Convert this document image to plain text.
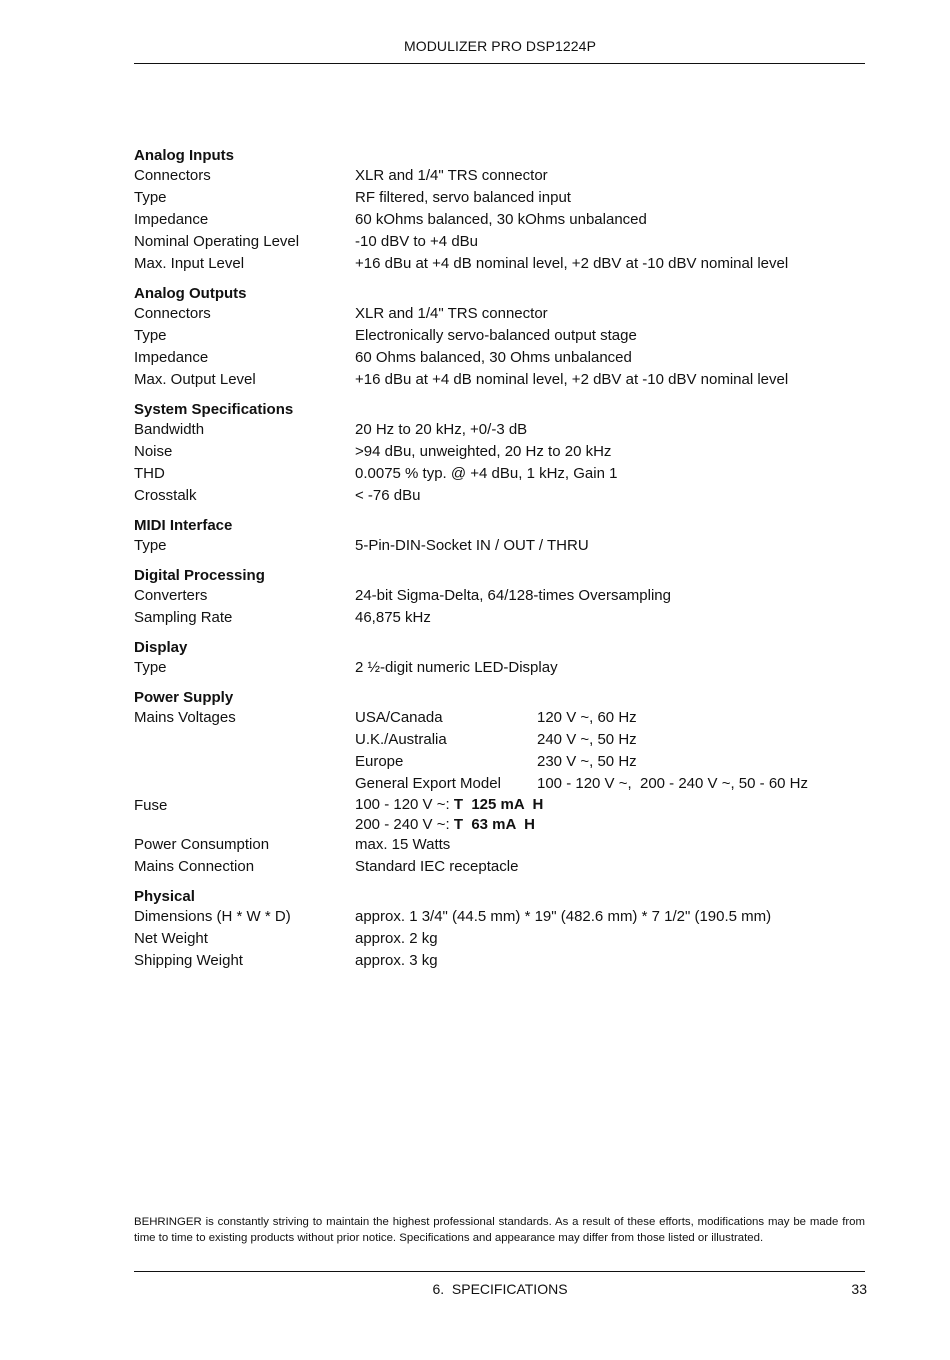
MODULIZER PRO DSP1224P
Analog Inputs
Connectors	XLR and 1/4" TRS connector
Type	RF filtered, servo balanced input
Impedance	60 kOhms balanced, 30 kOhms unbalanced
Nominal Operating Level	-10 dBV to +4 dBu
Max. Input Level	+16 dBu at +4 dB nominal level, +2 dBV at -10 dBV nominal level
Analog Outputs
Connectors	XLR and 1/4" TRS connector
Type	Electronically servo-balanced output stage
Impedance	60 Ohms balanced, 30 Ohms unbalanced
Max. Output Level	+16 dBu at +4 dB nominal level, +2 dBV at -10 dBV nominal level
System Specifications
Bandwidth	20 Hz to 20 kHz, +0/-3 dB
Noise	>94 dBu, unweighted, 20 Hz to 20 kHz
THD	0.0075 % typ. @ +4 dBu, 1 kHz, Gain 1
Crosstalk	< -76 dBu
MIDI Interface
Type	5-Pin-DIN-Socket IN / OUT / THRU
Digital Processing
Converters	24-bit Sigma-Delta, 64/128-times Oversampling
Sampling Rate	46,875 kHz
Display
Type	2 ½-digit numeric LED-Display
Power Supply
Mains Voltages	USA/Canada	120 V ~, 60 Hz
U.K./Australia	240 V ~, 50 Hz
Europe	230 V ~, 50 Hz
General Export Model	100 - 120 V ~,  200 - 240 V ~, 50 - 60 Hz
Fuse	100 - 120 V ~: T  125 mA  H
200 - 240 V ~: T  63 mA  H
Power Consumption	max. 15 Watts
Mains Connection	Standard IEC receptacle
Physical
Dimensions (H * W * D)	approx. 1 3/4" (44.5 mm) * 19" (482.6 mm) * 7 1/2" (190.5 mm)
Net Weight	approx. 2 kg
Shipping Weight	approx. 3 kg
BEHRINGER is constantly striving to maintain the highest professional standards. As a result of these efforts, modifications may be made from time to time to existing products without prior notice. Specifications and appearance may differ from those listed or illustrated.
6.  SPECIFICATIONS	33
